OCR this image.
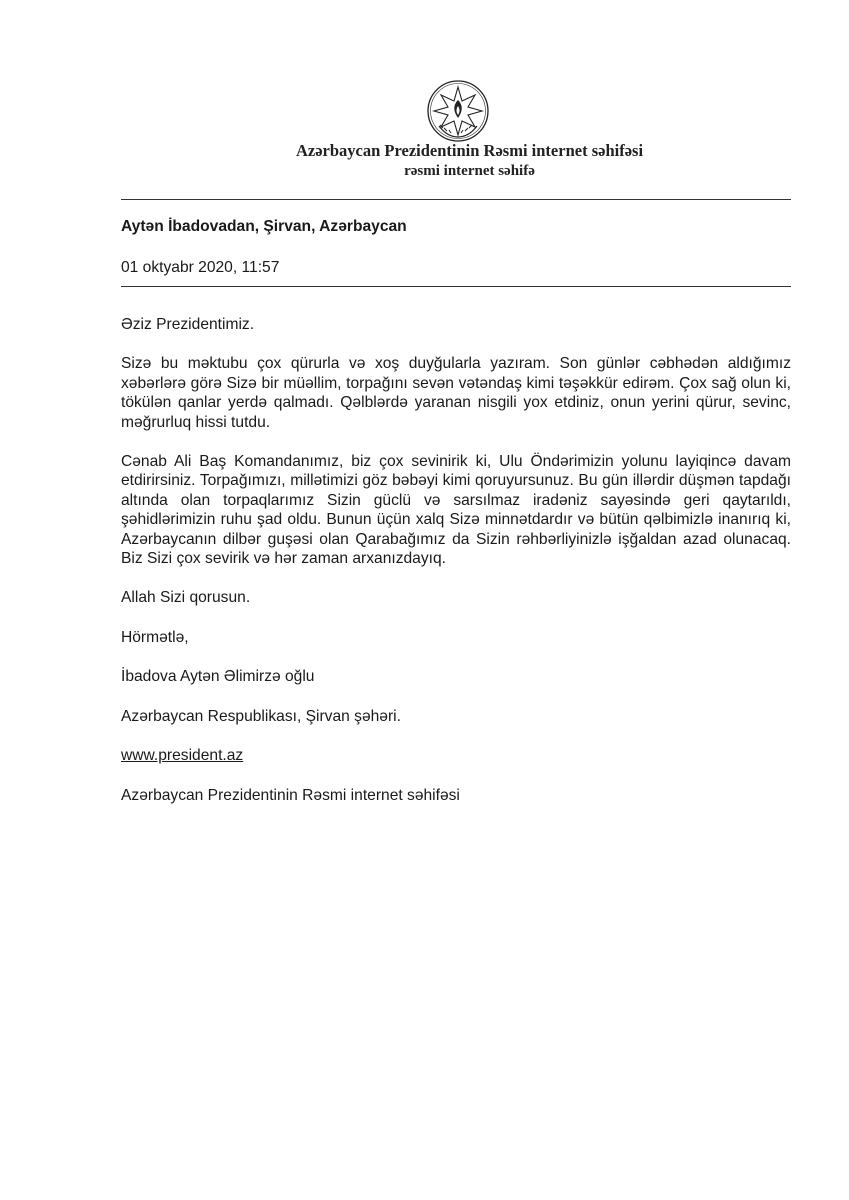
Azərbaycan Prezidentinin Rəsmi internet səhifəsi
rəsmi internet səhifə
Aytən İbadovadan, Şirvan, Azərbaycan
01 oktyabr 2020, 11:57

Əziz Prezidentimiz.

Sizə bu məktubu çox qürurla və xoş duyğularla yazıram. Son günlər cəbhədən aldığımız xəbərlərə görə Sizə bir müəllim, torpağını sevən vətəndaş kimi təşəkkür edirəm. Çox sağ olun ki, tökülən qanlar yerdə qalmadı. Qəlblərdə yaranan nisgili yox etdiniz, onun yerini qürur, sevinc, məğrurluq hissi tutdu.

Cənab Ali Baş Komandanımız, biz çox sevinirik ki, Ulu Öndərimizin yolunu layiqincə davam etdirirsiniz. Torpağımızı, millətimizi göz bəbəyi kimi qoruyursunuz. Bu gün illərdir düşmən tapdağı altında olan torpaqlarımız Sizin güclü və sarsılmaz iradəniz sayəsində geri qaytarıldı, şəhidlərimizin ruhu şad oldu. Bunun üçün xalq Sizə minnətdardır və bütün qəlbimizlə inanırıq ki, Azərbaycanın dilbər guşəsi olan Qarabağımız da Sizin rəhbərliyinizlə işğaldan azad olunacaq. Biz Sizi çox sevirik və hər zaman arxanızdayıq.

Allah Sizi qorusun.

Hörmətlə,

İbadova Aytən Əlimirzə oğlu

Azərbaycan Respublikası, Şirvan şəhəri.

www.president.az

Azərbaycan Prezidentinin Rəsmi internet səhifəsi
